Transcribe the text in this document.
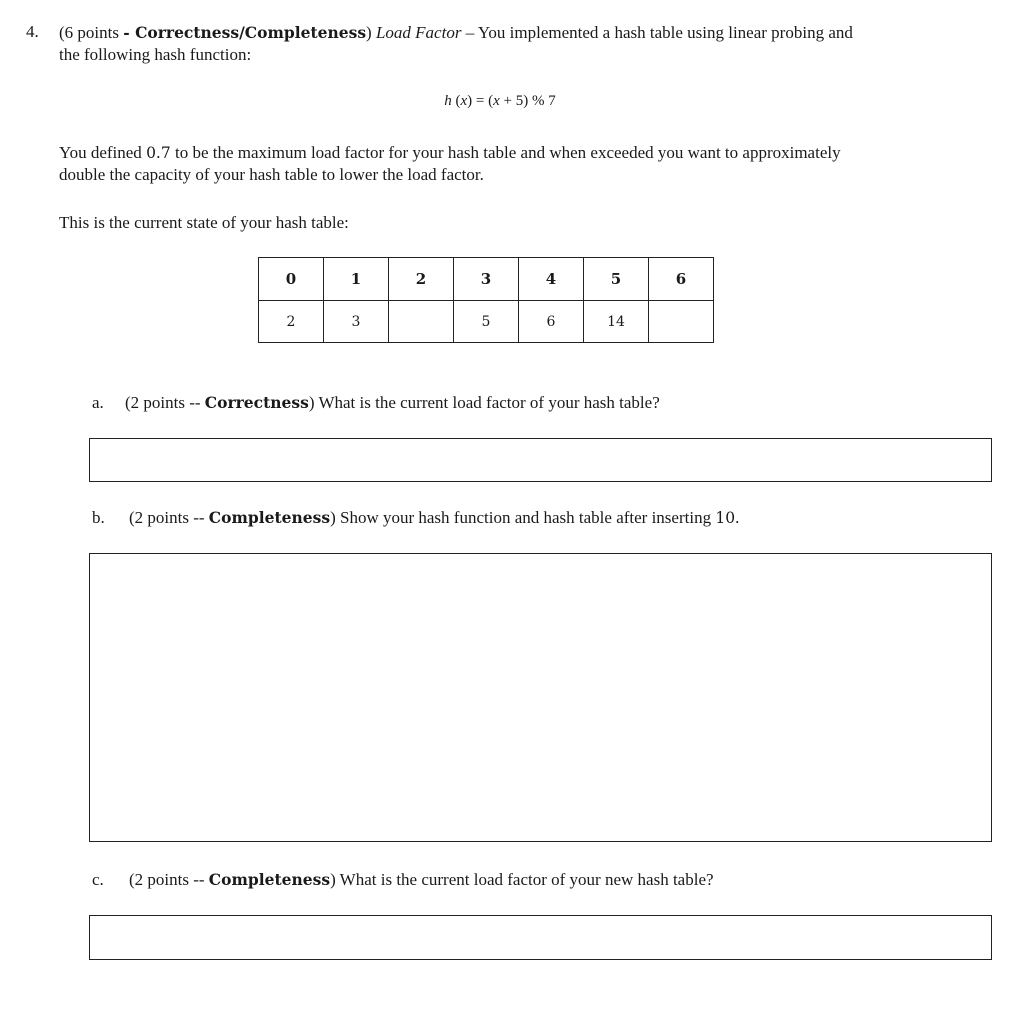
4. (6 points - Correctness/Completeness) Load Factor – You implemented a hash table using linear probing and
the following hash function:
h (x) = (x + 5) % 7
You defined 0.7 to be the maximum load factor for your hash table and when exceeded you want to approximately
double the capacity of your hash table to lower the load factor.
This is the current state of your hash table:
0	1	2	3	4	5	6
2	3		5	6	14	
a. (2 points -- Correctness) What is the current load factor of your hash table?
b. (2 points -- Completeness) Show your hash function and hash table after inserting 10.
c. (2 points -- Completeness) What is the current load factor of your new hash table?
